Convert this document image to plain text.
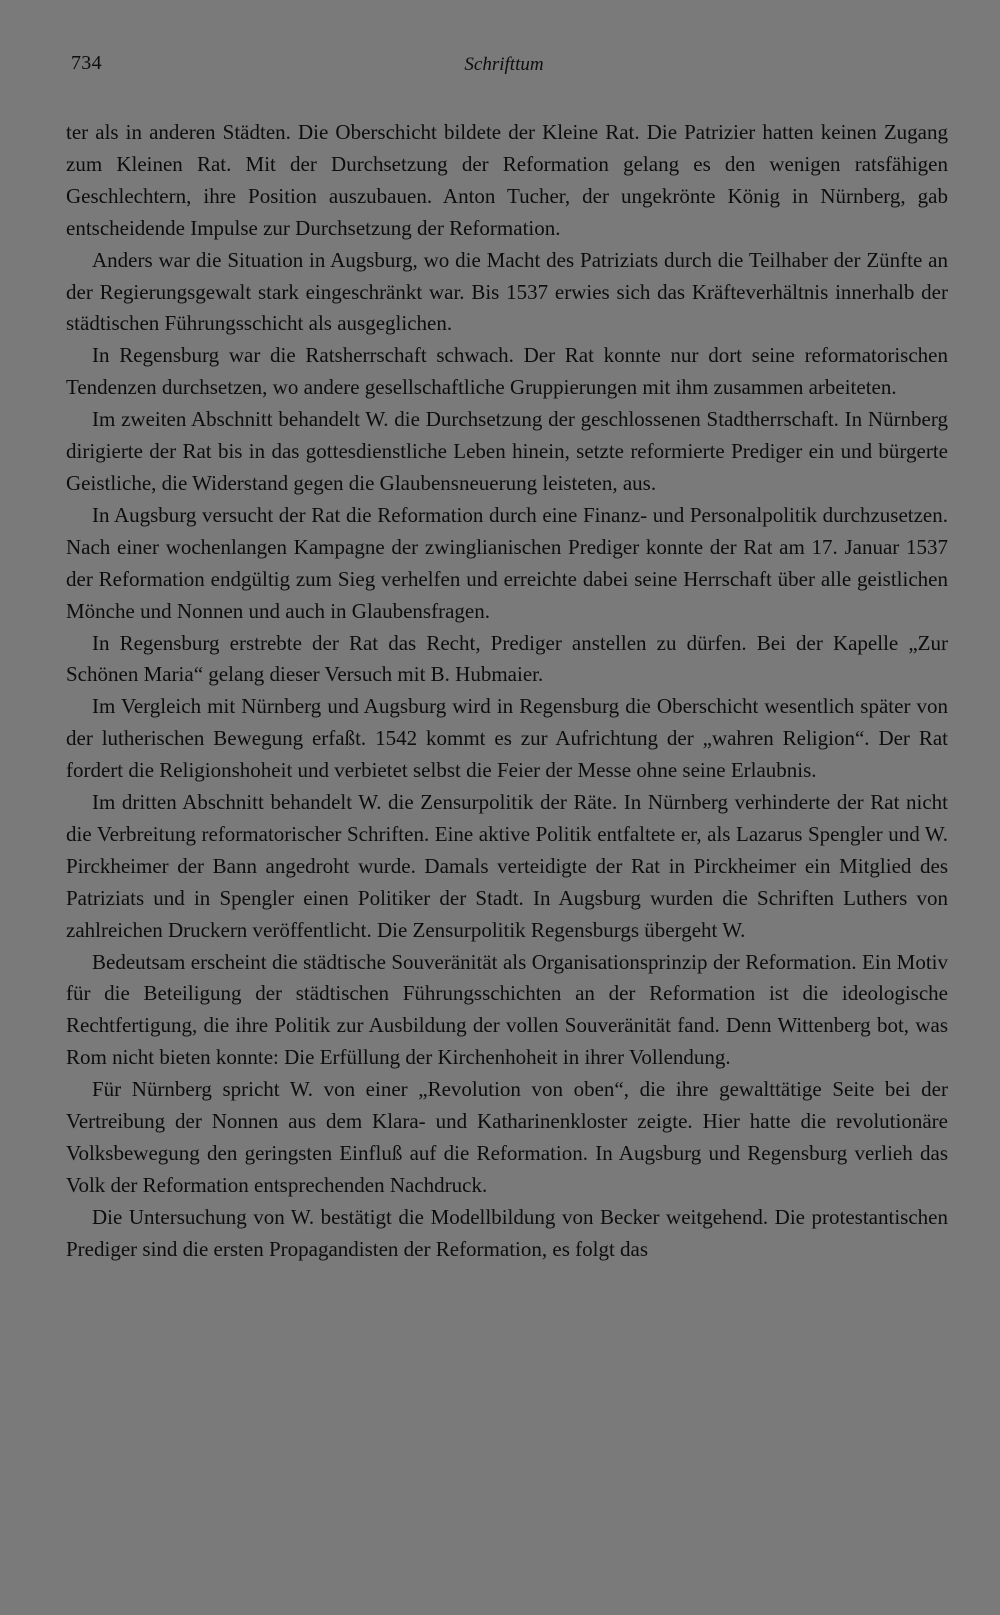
734	Schrifttum

ter als in anderen Städten. Die Oberschicht bildete der Kleine Rat. Die Patrizier hatten keinen Zugang zum Kleinen Rat. Mit der Durchsetzung der Reformation gelang es den wenigen ratsfähigen Geschlechtern, ihre Position auszubauen. Anton Tucher, der ungekrönte König in Nürnberg, gab entscheidende Impulse zur Durchsetzung der Reformation.

Anders war die Situation in Augsburg, wo die Macht des Patriziats durch die Teilhaber der Zünfte an der Regierungsgewalt stark eingeschränkt war. Bis 1537 erwies sich das Kräfteverhältnis innerhalb der städtischen Führungsschicht als ausgeglichen.

In Regensburg war die Ratsherrschaft schwach. Der Rat konnte nur dort seine reformatorischen Tendenzen durchsetzen, wo andere gesellschaftliche Gruppierungen mit ihm zusammen arbeiteten.

Im zweiten Abschnitt behandelt W. die Durchsetzung der geschlossenen Stadtherrschaft. In Nürnberg dirigierte der Rat bis in das gottesdienstliche Leben hinein, setzte reformierte Prediger ein und bürgerte Geistliche, die Widerstand gegen die Glaubensneuerung leisteten, aus.

In Augsburg versucht der Rat die Reformation durch eine Finanz- und Personalpolitik durchzusetzen. Nach einer wochenlangen Kampagne der zwinglianischen Prediger konnte der Rat am 17. Januar 1537 der Reformation endgültig zum Sieg verhelfen und erreichte dabei seine Herrschaft über alle geistlichen Mönche und Nonnen und auch in Glaubensfragen.

In Regensburg erstrebte der Rat das Recht, Prediger anstellen zu dürfen. Bei der Kapelle „Zur Schönen Maria“ gelang dieser Versuch mit B. Hubmaier.

Im Vergleich mit Nürnberg und Augsburg wird in Regensburg die Oberschicht wesentlich später von der lutherischen Bewegung erfaßt. 1542 kommt es zur Aufrichtung der „wahren Religion“. Der Rat fordert die Religionshoheit und verbietet selbst die Feier der Messe ohne seine Erlaubnis.

Im dritten Abschnitt behandelt W. die Zensurpolitik der Räte. In Nürnberg verhinderte der Rat nicht die Verbreitung reformatorischer Schriften. Eine aktive Politik entfaltete er, als Lazarus Spengler und W. Pirckheimer der Bann angedroht wurde. Damals verteidigte der Rat in Pirckheimer ein Mitglied des Patriziats und in Spengler einen Politiker der Stadt. In Augsburg wurden die Schriften Luthers von zahlreichen Druckern veröffentlicht. Die Zensurpolitik Regensburgs übergeht W.

Bedeutsam erscheint die städtische Souveränität als Organisationsprinzip der Reformation. Ein Motiv für die Beteiligung der städtischen Führungsschichten an der Reformation ist die ideologische Rechtfertigung, die ihre Politik zur Ausbildung der vollen Souveränität fand. Denn Wittenberg bot, was Rom nicht bieten konnte: Die Erfüllung der Kirchenhoheit in ihrer Vollendung.

Für Nürnberg spricht W. von einer „Revolution von oben“, die ihre gewalttätige Seite bei der Vertreibung der Nonnen aus dem Klara- und Katharinenkloster zeigte. Hier hatte die revolutionäre Volksbewegung den geringsten Einfluß auf die Reformation. In Augsburg und Regensburg verlieh das Volk der Reformation entsprechenden Nachdruck.

Die Untersuchung von W. bestätigt die Modellbildung von Becker weitgehend. Die protestantischen Prediger sind die ersten Propagandisten der Reformation, es folgt das
